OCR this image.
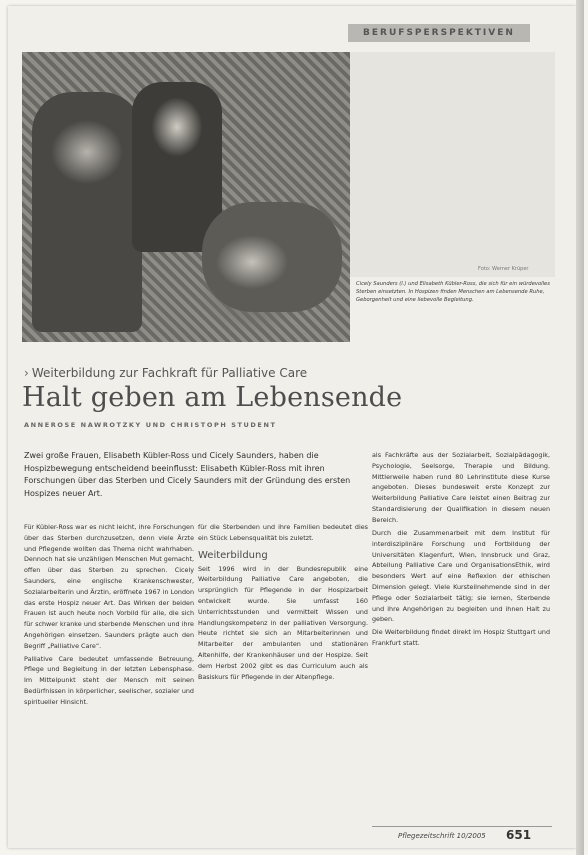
BERUFSPERSPEKTIVEN
Foto: Werner Krüper
Cicely Saunders (l.) und Elisabeth Kübler-Ross, die sich für ein würdevolles Sterben einsetzten. In Hospizen finden Menschen am Lebensende Ruhe, Geborgenheit und eine liebevolle Begleitung.
› Weiterbildung zur Fachkraft für Palliative Care
Halt geben am Lebensende
ANNEROSE NAWROTZKY UND CHRISTOPH STUDENT
Zwei große Frauen, Elisabeth Kübler-Ross und Cicely Saunders, haben die Hospizbewegung entscheidend beeinflusst: Elisabeth Kübler-Ross mit ihren Forschungen über das Sterben und Cicely Saunders mit der Gründung des ersten Hospizes neuer Art.
als Fachkräfte aus der Sozialarbeit, Sozialpädagogik, Psychologie, Seelsorge, Therapie und Bildung. Mittlerweile haben rund 80 Lehrinstitute diese Kurse angeboten. Dieses bundesweit erste Konzept zur Weiterbildung Palliative Care leistet einen Beitrag zur Standardisierung der Qualifikation in diesem neuen Bereich.

Für Kübler-Ross war es nicht leicht, ihre Forschungen über das Sterben durchzusetzen, denn viele Ärzte und Pflegende wollten das Thema nicht wahrhaben. Dennoch hat sie unzähligen Menschen Mut gemacht, offen über das Sterben zu sprechen. Cicely Saunders, eine englische Krankenschwester, Sozialarbeiterin und Ärztin, eröffnete 1967 in London das erste Hospiz neuer Art. Das Wirken der beiden Frauen ist auch heute noch Vorbild für alle, die sich für schwer kranke und sterbende Menschen und ihre Angehörigen einsetzen. Saunders prägte auch den Begriff „Palliative Care“.

Palliative Care bedeutet umfassende Betreuung, Pflege und Begleitung in der letzten Lebensphase. Im Mittelpunkt steht der Mensch mit seinen Bedürfnissen in körperlicher, seelischer, sozialer und spiritueller Hinsicht.

für die Sterbenden und ihre Familien bedeutet dies ein Stück Lebensqualität bis zuletzt.

Weiterbildung

Seit 1996 wird in der Bundesrepublik eine Weiterbildung Palliative Care angeboten, die ursprünglich für Pflegende in der Hospizarbeit entwickelt wurde. Sie umfasst 160 Unterrichtsstunden und vermittelt Wissen und Handlungskompetenz in der palliativen Versorgung. Heute richtet sie sich an Mitarbeiterinnen und Mitarbeiter der ambulanten und stationären Altenhilfe, der Krankenhäuser und der Hospize. Seit dem Herbst 2002 gibt es das Curriculum auch als Basiskurs für Pflegende in der Altenpflege.

Durch die Zusammenarbeit mit dem Institut für interdisziplinäre Forschung und Fortbildung der Universitäten Klagenfurt, Wien, Innsbruck und Graz, Abteilung Palliative Care und OrganisationsEthik, wird besonders Wert auf eine Reflexion der ethischen Dimension gelegt. Viele Kursteilnehmende sind in der Pflege oder Sozialarbeit tätig; sie lernen, Sterbende und ihre Angehörigen zu begleiten und ihnen Halt zu geben.

Die Weiterbildung findet direkt im Hospiz Stuttgart und Frankfurt statt.

Pflegezeitschrift 10/2005 651
